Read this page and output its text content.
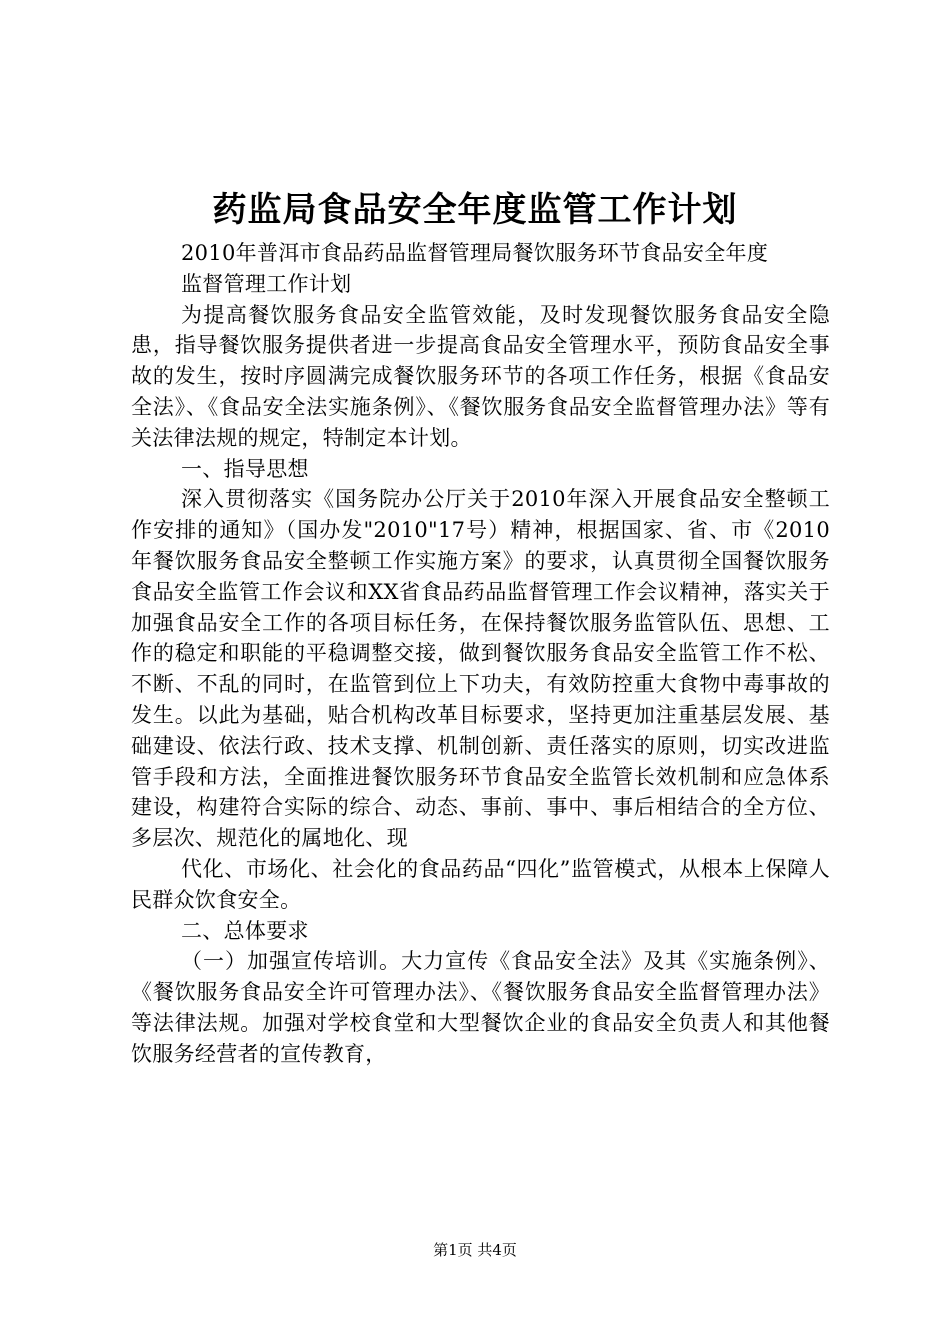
药监局食品安全年度监管工作计划

2010年普洱市食品药品监督管理局餐饮服务环节食品安全年度

监督管理工作计划

为提高餐饮服务食品安全监管效能，及时发现餐饮服务食品安全隐患，指导餐饮服务提供者进一步提高食品安全管理水平，预防食品安全事故的发生，按时序圆满完成餐饮服务环节的各项工作任务，根据《食品安全法》、《食品安全法实施条例》、《餐饮服务食品安全监督管理办法》等有关法律法规的规定，特制定本计划。

一、指导思想

深入贯彻落实《国务院办公厅关于2010年深入开展食品安全整顿工作安排的通知》（国办发"2010"17号）精神，根据国家、省、市《2010年餐饮服务食品安全整顿工作实施方案》的要求，认真贯彻全国餐饮服务食品安全监管工作会议和XX省食品药品监督管理工作会议精神，落实关于加强食品安全工作的各项目标任务，在保持餐饮服务监管队伍、思想、工作的稳定和职能的平稳调整交接，做到餐饮服务食品安全监管工作不松、不断、不乱的同时，在监管到位上下功夫，有效防控重大食物中毒事故的发生。以此为基础，贴合机构改革目标要求，坚持更加注重基层发展、基础建设、依法行政、技术支撑、机制创新、责任落实的原则，切实改进监管手段和方法，全面推进餐饮服务环节食品安全监管长效机制和应急体系建设，构建符合实际的综合、动态、事前、事中、事后相结合的全方位、多层次、规范化的属地化、现

代化、市场化、社会化的食品药品“四化”监管模式，从根本上保障人民群众饮食安全。

二、总体要求

（一）加强宣传培训。大力宣传《食品安全法》及其《实施条例》、《餐饮服务食品安全许可管理办法》、《餐饮服务食品安全监督管理办法》等法律法规。加强对学校食堂和大型餐饮企业的食品安全负责人和其他餐饮服务经营者的宣传教育，

第1页 共4页
